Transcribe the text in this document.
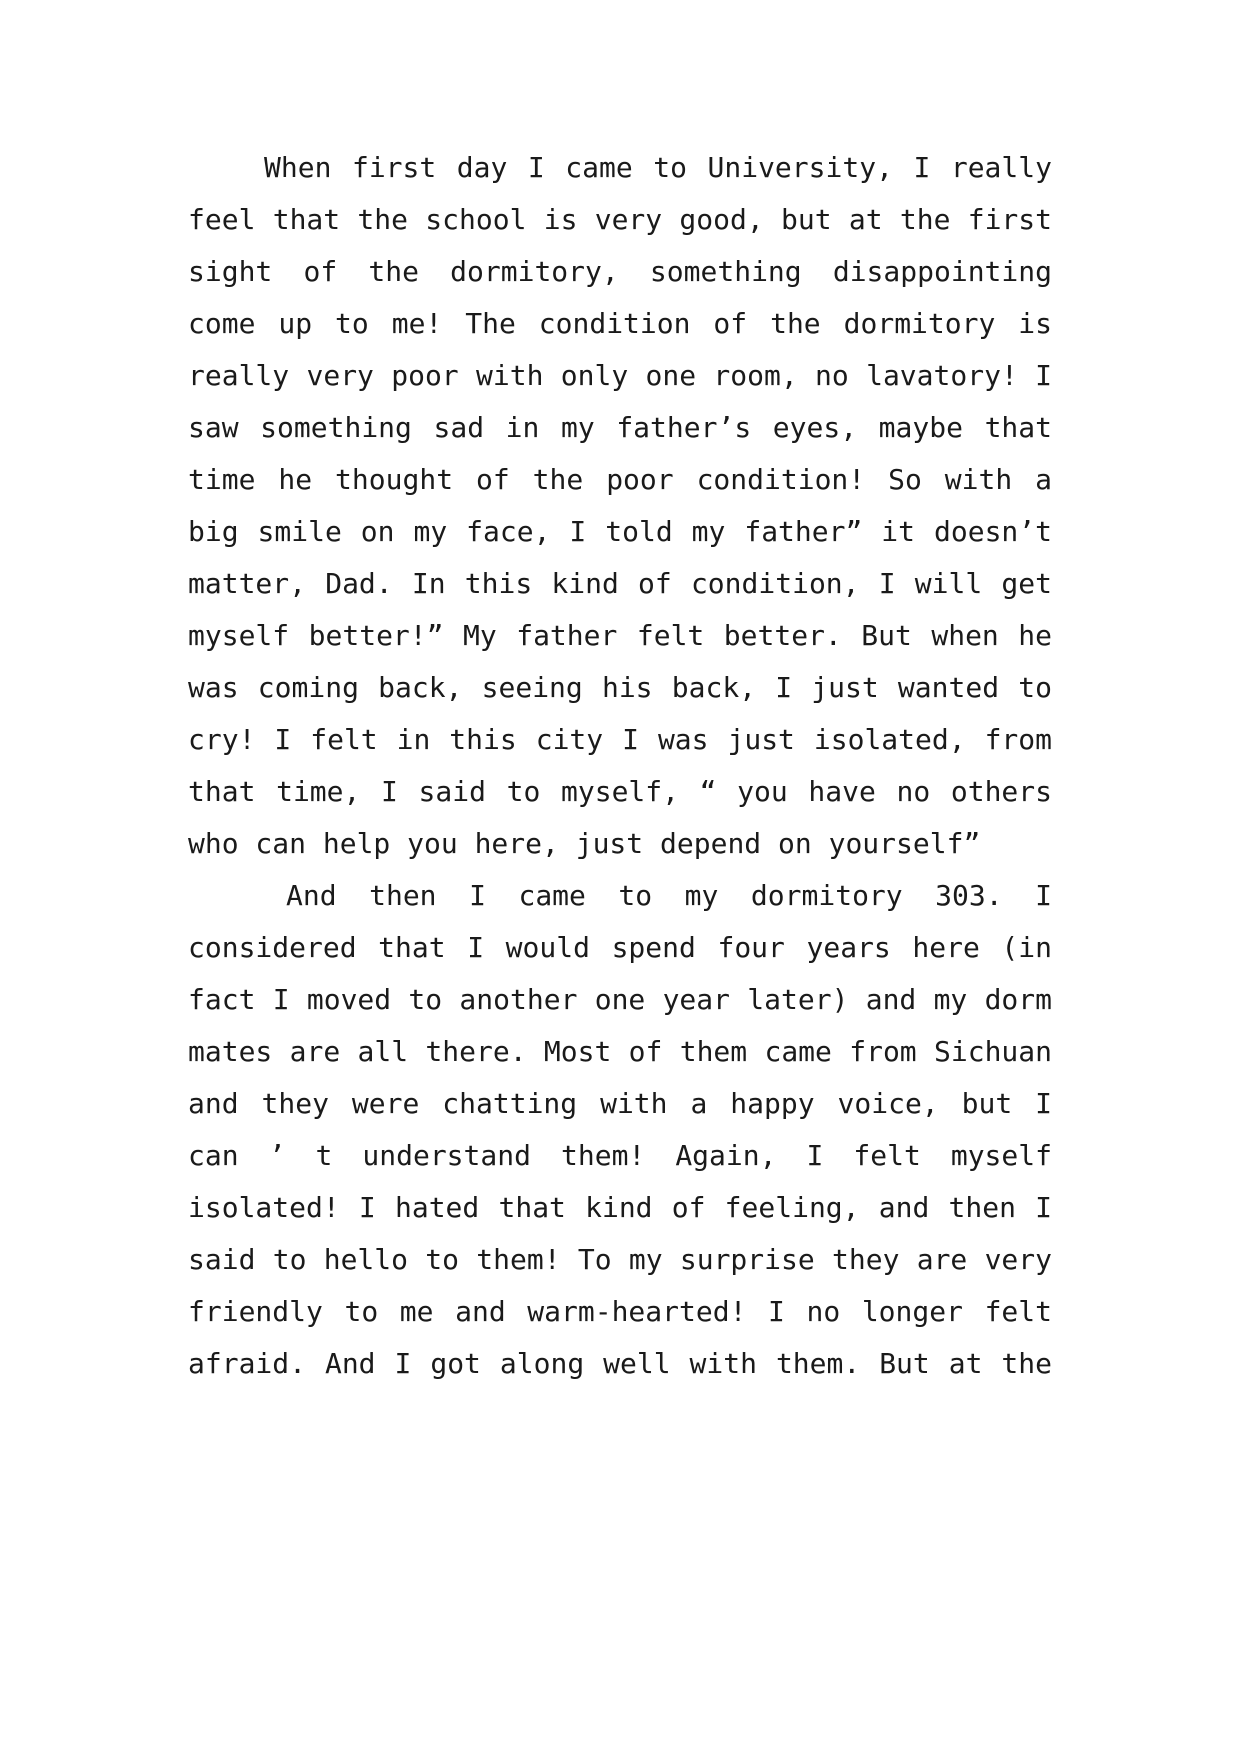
When first day I came to University, I really
feel that the school is very good, but at the first
sight of the dormitory, something disappointing
come up to me! The condition of the dormitory is
really very poor with only one room, no lavatory! I
saw something sad in my father’s eyes, maybe that
time he thought of the poor condition! So with a
big smile on my face, I told my father” it doesn’t
matter, Dad. In this kind of condition, I will get
myself better!” My father felt better. But when he
was coming back, seeing his back, I just wanted to
cry! I felt in this city I was just isolated, from
that time, I said to myself, “ you have no others
who can help you here, just depend on yourself”
And then I came to my dormitory 303. I
considered that I would spend four years here (in
fact I moved to another one year later) and my dorm
mates are all there. Most of them came from Sichuan
and they were chatting with a happy voice, but I
can ’ t understand them! Again, I felt myself
isolated! I hated that kind of feeling, and then I
said to hello to them! To my surprise they are very
friendly to me and warm-hearted! I no longer felt
afraid. And I got along well with them. But at the
